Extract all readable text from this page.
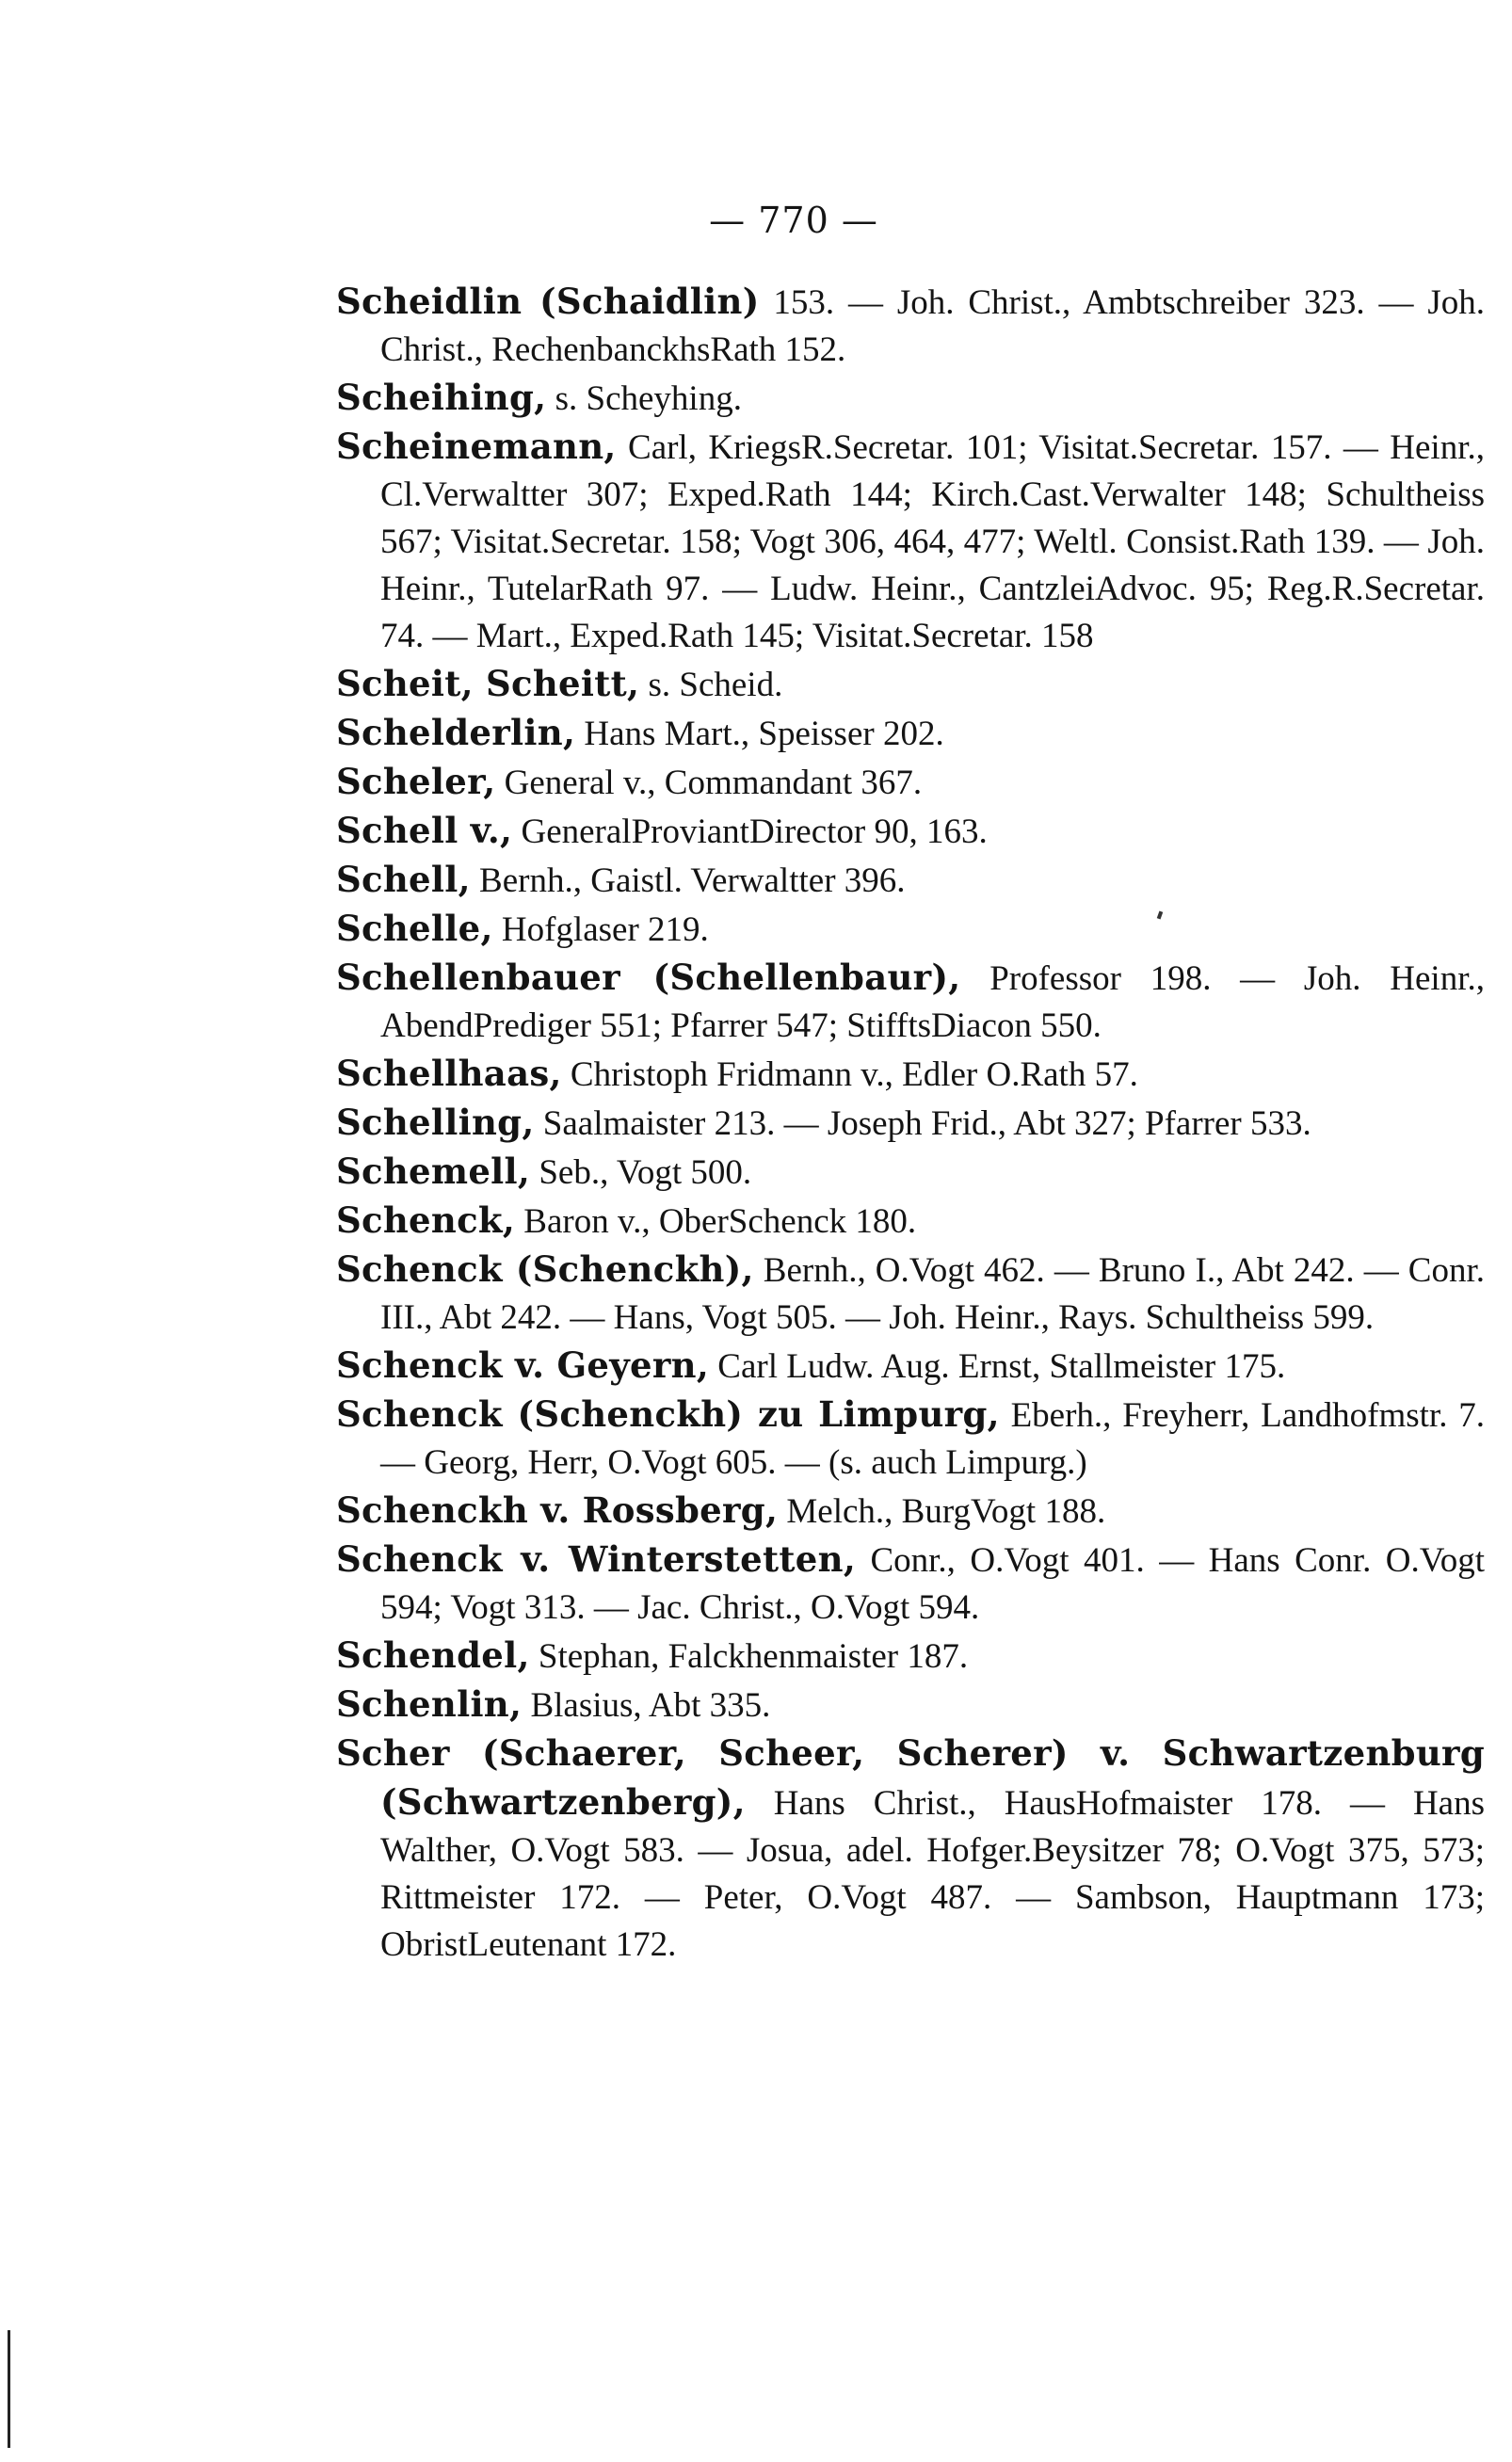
— 770 —

Scheidlin (Schaidlin) 153. — Joh. Christ., Ambtschreiber 323. — Joh. Christ., RechenbanckhsRath 152.

Scheihing, s. Scheyhing.

Scheinemann, Carl, KriegsR.Secretar. 101; Visitat.Secretar. 157. — Heinr., Cl.Verwaltter 307; Exped.Rath 144; Kirch.Cast.Verwalter 148; Schultheiss 567; Visitat.Secretar. 158; Vogt 306, 464, 477; Weltl. Consist.Rath 139. — Joh. Heinr., TutelarRath 97. — Ludw. Heinr., CantzleiAdvoc. 95; Reg.R.Secretar. 74. — Mart., Exped.Rath 145; Visitat.Secretar. 158

Scheit, Scheitt, s. Scheid.

Schelderlin, Hans Mart., Speisser 202.

Scheler, General v., Commandant 367.

Schell v., GeneralProviantDirector 90, 163.

Schell, Bernh., Gaistl. Verwaltter 396.

Schelle, Hofglaser 219.

Schellenbauer (Schellenbaur), Professor 198. — Joh. Heinr., AbendPrediger 551; Pfarrer 547; StifftsDiacon 550.

Schellhaas, Christoph Fridmann v., Edler O.Rath 57.

Schelling, Saalmaister 213. — Joseph Frid., Abt 327; Pfarrer 533.

Schemell, Seb., Vogt 500.

Schenck, Baron v., OberSchenck 180.

Schenck (Schenckh), Bernh., O.Vogt 462. — Bruno I., Abt 242. — Conr. III., Abt 242. — Hans, Vogt 505. — Joh. Heinr., Rays. Schultheiss 599.

Schenck v. Geyern, Carl Ludw. Aug. Ernst, Stallmeister 175.

Schenck (Schenckh) zu Limpurg, Eberh., Freyherr, Landhofmstr. 7. — Georg, Herr, O.Vogt 605. — (s. auch Limpurg.)

Schenckh v. Rossberg, Melch., BurgVogt 188.

Schenck v. Winterstetten, Conr., O.Vogt 401. — Hans Conr. O.Vogt 594; Vogt 313. — Jac. Christ., O.Vogt 594.

Schendel, Stephan, Falckhenmaister 187.

Schenlin, Blasius, Abt 335.

Scher (Schaerer, Scheer, Scherer) v. Schwartzenburg (Schwartzenberg), Hans Christ., HausHofmaister 178. — Hans Walther, O.Vogt 583. — Josua, adel. Hofger.Beysitzer 78; O.Vogt 375, 573; Rittmeister 172. — Peter, O.Vogt 487. — Sambson, Hauptmann 173; ObristLeutenant 172.
